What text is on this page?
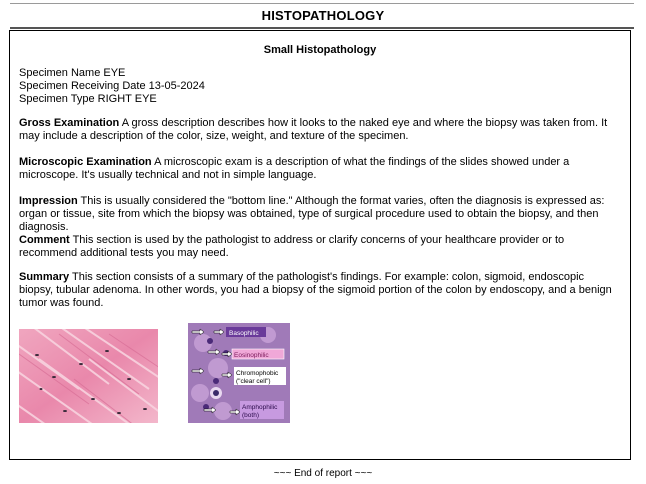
HISTOPATHOLOGY
Small Histopathology
Specimen Name EYE
Specimen Receiving Date 13-05-2024
Specimen Type RIGHT EYE
Gross Examination A gross description describes how it looks to the naked eye and where the biopsy was taken from. It may include a description of the color, size, weight, and texture of the specimen.
Microscopic Examination A microscopic exam is a description of what the findings of the slides showed under a microscope. It's usually technical and not in simple language.
Impression This is usually considered the "bottom line." Although the format varies, often the diagnosis is expressed as: organ or tissue, site from which the biopsy was obtained, type of surgical procedure used to obtain the biopsy, and then diagnosis.
Comment This section is used by the pathologist to address or clarify concerns of your healthcare provider or to recommend additional tests you may need.
Summary This section consists of a summary of the pathologist's findings. For example: colon, sigmoid, endoscopic biopsy, tubular adenoma. In other words, you had a biopsy of the sigmoid portion of the colon by endoscopy, and a benign tumor was found.
Basophilic
Eosinophilic
Chromophobic
("clear cell")
Amphophilic
(both)
~~~ End of report ~~~
